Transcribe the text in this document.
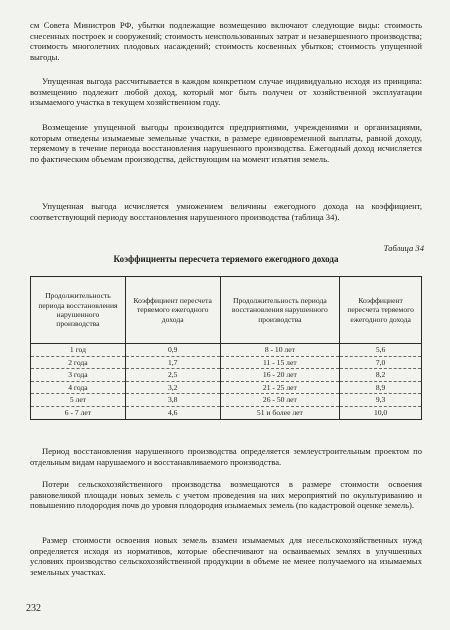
см Совета Министров РФ, убытки подлежащие возмещению включают следующие виды: стоимость снесенных построек и сооружений; стоимость неиспользованных затрат и незавершенного производства; стоимость многолетних плодовых насаждений; стоимость косвенных убытков; стоимость упущенной выгоды.

Упущенная выгода рассчитывается в каждом конкретном случае индивидуально исходя из принципа: возмещению подлежит любой доход, который мог быть получен от хозяйственной эксплуатации изымаемого участка в текущем хозяйственном году.

Возмещение упущенной выгоды производится предприятиями, учреждениями и организациями, которым отведены изымаемые земельные участки, в размере единовременной выплаты, равной доходу, теряемому в течение периода восстановления нарушенного производства. Ежегодный доход исчисляется по фактическим объемам производства, действующим на момент изъятия земель.

Упущенная выгода исчисляется умножением величины ежегодного дохода на коэффициент, соответствующий периоду восстановления нарушенного производства (таблица 34).

Таблица 34

Коэффициенты пересчета теряемого ежегодного дохода

Продолжительность периода восстановления нарушенного производства	Коэффициент пересчета теряемого ежегодного дохода	Продолжительность периода восстановления нарушенного производства	Коэффициент пересчета теряемого ежегодного дохода
1 год	0,9	8 - 10 лет	5,6
2 года	1,7	11 - 15 лет	7,0
3 года	2,5	16 - 20 лет	8,2
4 года	3,2	21 - 25 лет	8,9
5 лет	3,8	26 - 50 лет	9,3
6 - 7 лет	4,6	51 и более лет	10,0

Период восстановления нарушенного производства определяется землеустроительным проектом по отдельным видам нарушаемого и восстанавливаемого производства.

Потери сельскохозяйственного производства возмещаются в размере стоимости освоения равновеликой площади новых земель с учетом проведения на них мероприятий по окультуриванию и повышению плодородия почв до уровня плодородия изымаемых земель (по кадастровой оценке земель).

Размер стоимости освоения новых земель взамен изымаемых для несельскохозяйственных нужд определяется исходя из нормативов, которые обеспечивают на осваиваемых землях в улучшенных условиях производство сельскохозяйственной продукции в объеме не менее получаемого на изымаемых земельных участках.

232
